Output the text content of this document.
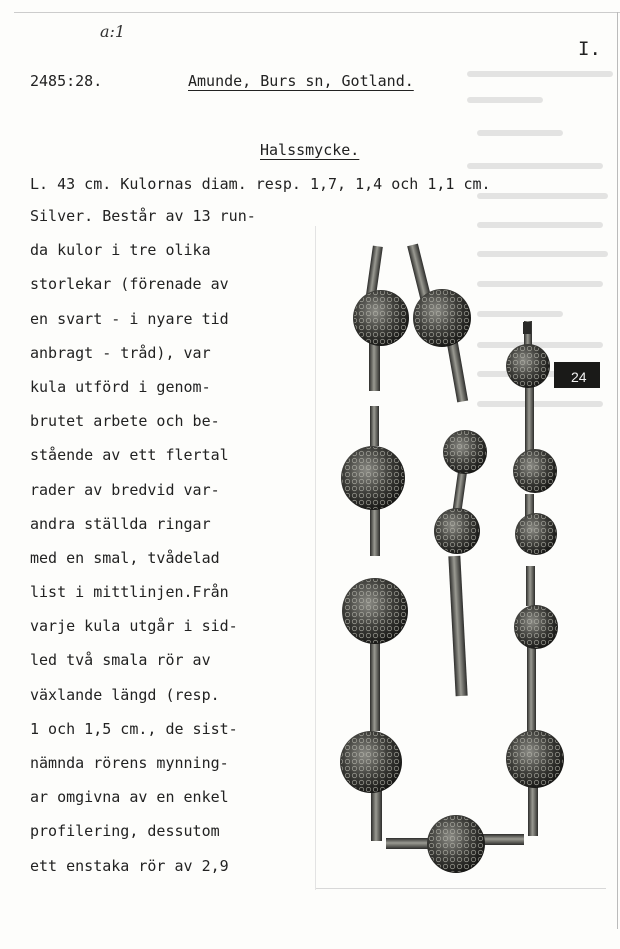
a:1
I.
2485:28.	Amunde, Burs sn, Gotland.
Halssmycke.
L. 43 cm. Kulornas diam. resp. 1,7, 1,4 och 1,1 cm.
Silver. Består av 13 run-
da kulor i tre olika
storlekar (förenade av
en svart - i nyare tid
anbragt - tråd), var
kula utförd i genom-
brutet arbete och be-
stående av ett flertal
rader av bredvid var-
andra ställda ringar
med en smal, tvådelad
list i mittlinjen.Från
varje kula utgår i sid-
led två smala rör av
växlande längd (resp.
1 och 1,5 cm., de sist-
nämnda rörens mynning-
ar omgivna av en enkel
profilering, dessutom
ett enstaka rör av 2,9
24
